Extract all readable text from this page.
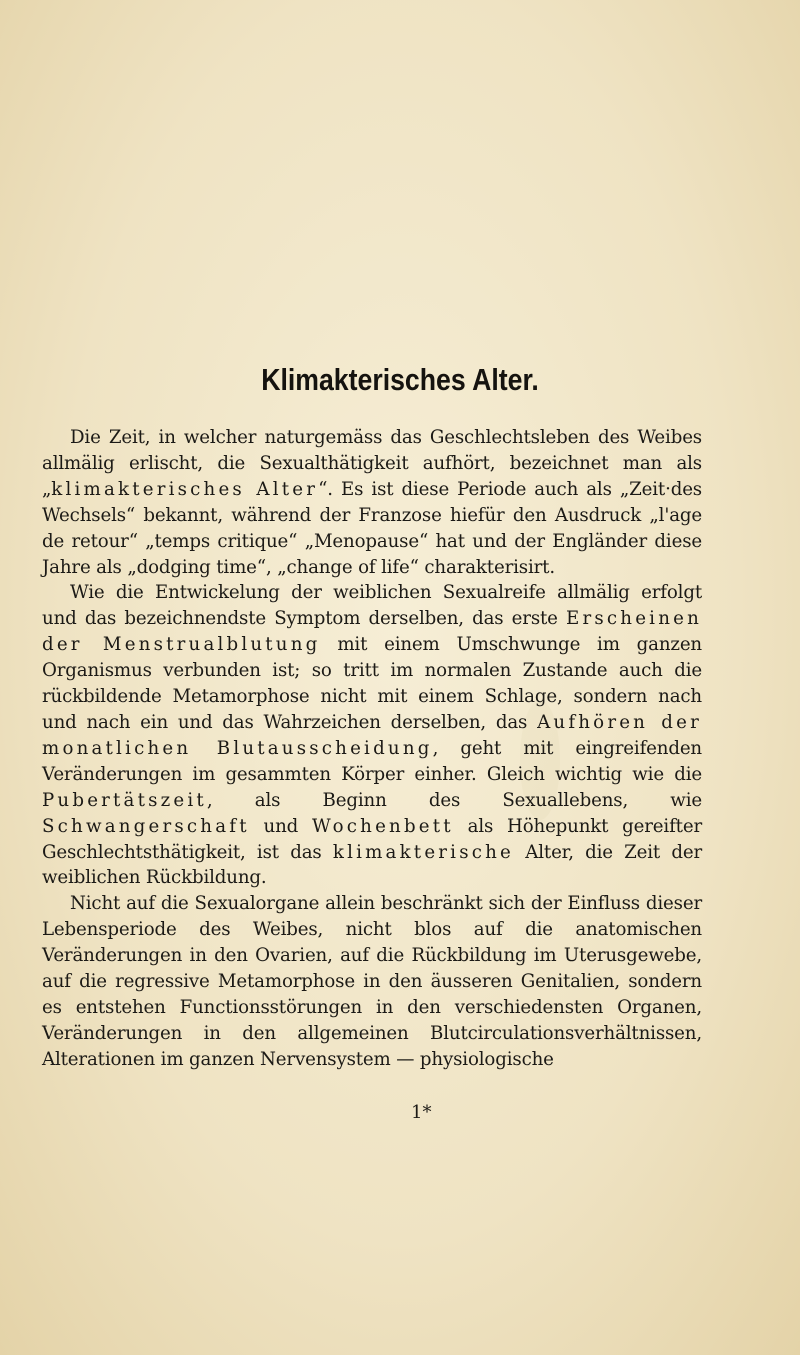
Klimakterisches Alter.

Die Zeit, in welcher naturgemäss das Geschlechtsleben des Weibes allmälig erlischt, die Sexualthätigkeit aufhört, bezeichnet man als „klimakterisches Alter“. Es ist diese Periode auch als „Zeit·des Wechsels“ bekannt, während der Franzose hiefür den Ausdruck „l'age de retour“ „temps critique“ „Menopause“ hat und der Engländer diese Jahre als „dodging time“, „change of life“ charakterisirt.

Wie die Entwickelung der weiblichen Sexualreife allmälig erfolgt und das bezeichnendste Symptom derselben, das erste Erscheinen der Menstrualblutung mit einem Umschwunge im ganzen Organismus verbunden ist; so tritt im normalen Zustande auch die rückbildende Metamorphose nicht mit einem Schlage, sondern nach und nach ein und das Wahrzeichen derselben, das Aufhören der monatlichen Blutausscheidung, geht mit eingreifenden Veränderungen im gesammten Körper einher. Gleich wichtig wie die Pubertätszeit, als Beginn des Sexuallebens, wie Schwangerschaft und Wochenbett als Höhepunkt gereifter Geschlechtsthätigkeit, ist das klimakterische Alter, die Zeit der weiblichen Rückbildung.

Nicht auf die Sexualorgane allein beschränkt sich der Einfluss dieser Lebensperiode des Weibes, nicht blos auf die anatomischen Veränderungen in den Ovarien, auf die Rückbildung im Uterusgewebe, auf die regressive Metamorphose in den äusseren Genitalien, sondern es entstehen Functionsstörungen in den verschiedensten Organen, Veränderungen in den allgemeinen Blutcirculationsverhältnissen, Alterationen im ganzen Nervensystem — physiologische

1*
